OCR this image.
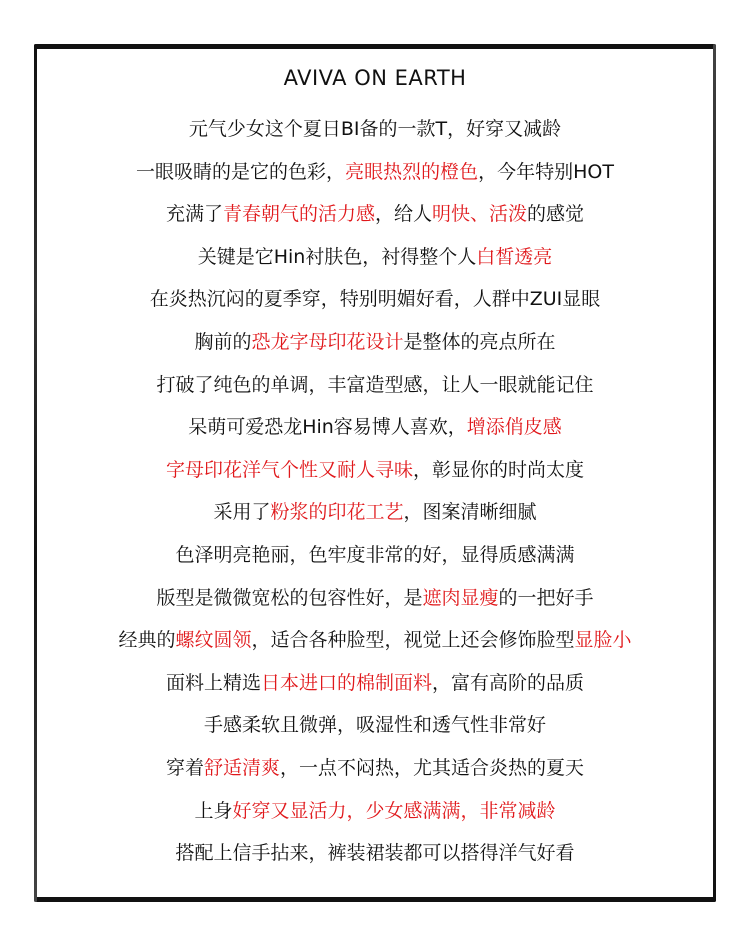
AVIVA ON EARTH
元气少女这个夏日BI备的一款T，好穿又减龄
一眼吸睛的是它的色彩，亮眼热烈的橙色，今年特别HOT
充满了青春朝气的活力感，给人明快、活泼的感觉
关键是它Hin衬肤色，衬得整个人白皙透亮
在炎热沉闷的夏季穿，特别明媚好看，人群中ZUI显眼
胸前的恐龙字母印花设计是整体的亮点所在
打破了纯色的单调，丰富造型感，让人一眼就能记住
呆萌可爱恐龙Hin容易博人喜欢，增添俏皮感
字母印花洋气个性又耐人寻味，彰显你的时尚太度
采用了粉浆的印花工艺，图案清晰细腻
色泽明亮艳丽，色牢度非常的好，显得质感满满
版型是微微宽松的包容性好，是遮肉显瘦的一把好手
经典的螺纹圆领，适合各种脸型，视觉上还会修饰脸型显脸小
面料上精选日本进口的棉制面料，富有高阶的品质
手感柔软且微弹，吸湿性和透气性非常好
穿着舒适清爽，一点不闷热，尤其适合炎热的夏天
上身好穿又显活力，少女感满满，非常减龄
搭配上信手拈来，裤装裙装都可以搭得洋气好看
